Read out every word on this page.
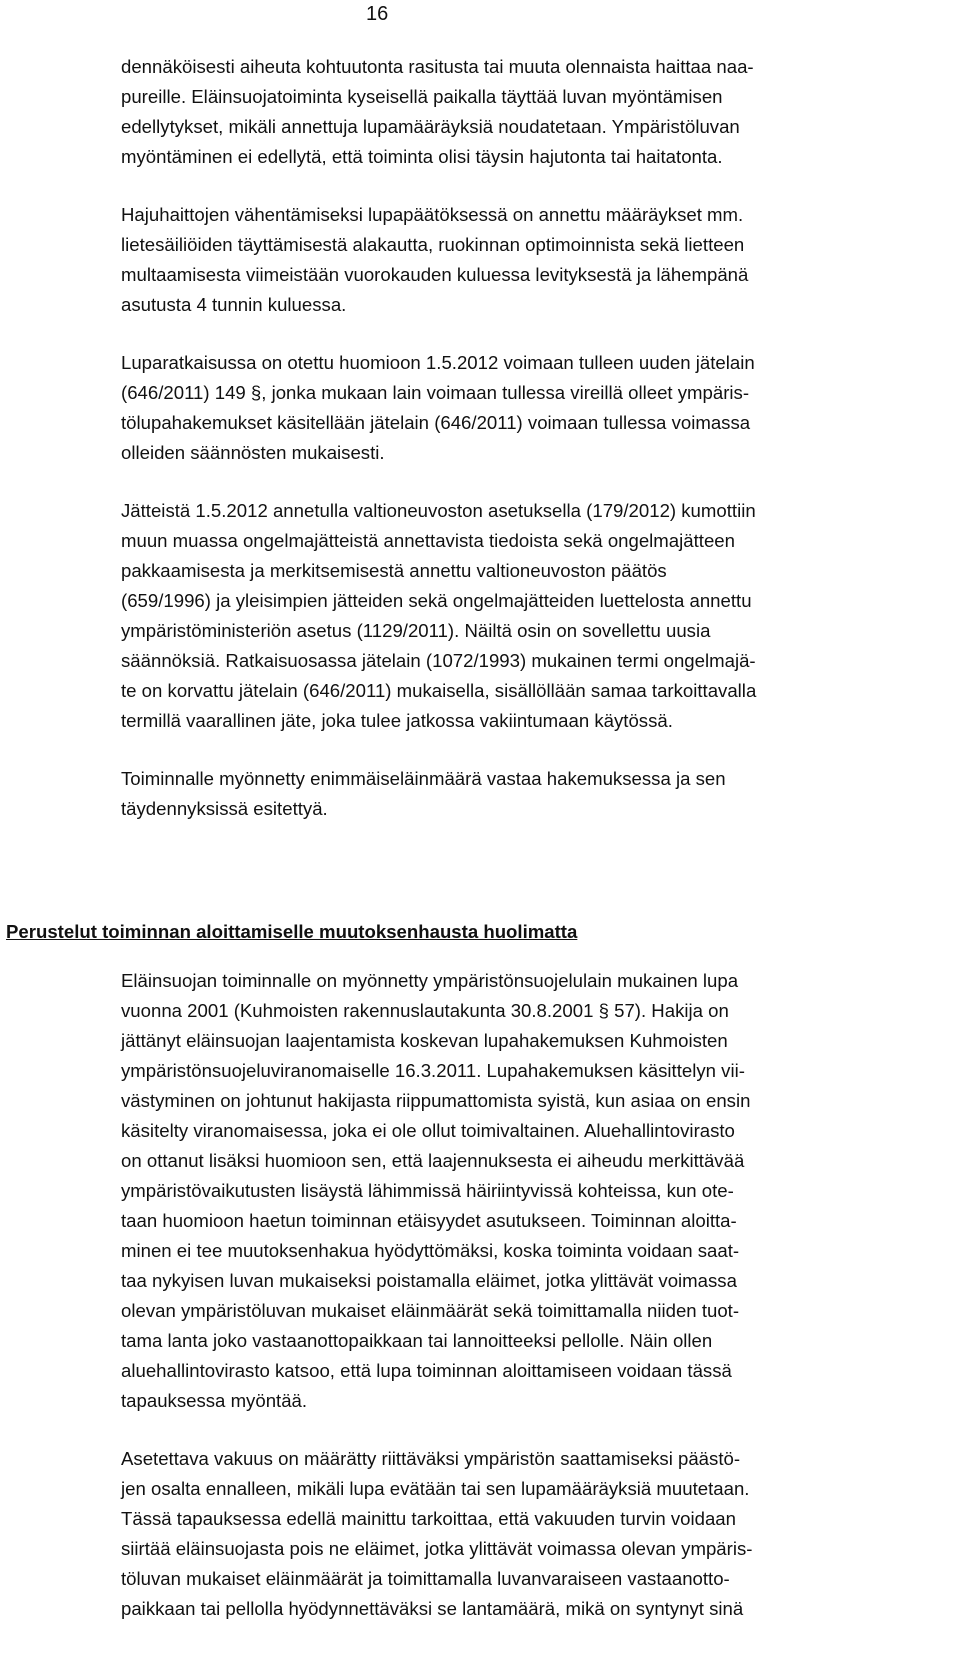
16
dennäköisesti aiheuta kohtuutonta rasitusta tai muuta olennaista haittaa naa-
pureille. Eläinsuojatoiminta kyseisellä paikalla täyttää luvan myöntämisen
edellytykset, mikäli annettuja lupamääräyksiä noudatetaan. Ympäristöluvan
myöntäminen ei edellytä, että toiminta olisi täysin hajutonta tai haitatonta.
Hajuhaittojen vähentämiseksi lupapäätöksessä on annettu määräykset mm.
lietesäiliöiden täyttämisestä alakautta, ruokinnan optimoinnista sekä lietteen
multaamisesta viimeistään vuorokauden kuluessa levityksestä ja lähempänä
asutusta 4 tunnin kuluessa.
Luparatkaisussa on otettu huomioon 1.5.2012 voimaan tulleen uuden jätelain
(646/2011) 149 §, jonka mukaan lain voimaan tullessa vireillä olleet ympäris-
tölupahakemukset käsitellään jätelain (646/2011) voimaan tullessa voimassa
olleiden säännösten mukaisesti.
Jätteistä 1.5.2012 annetulla valtioneuvoston asetuksella (179/2012) kumottiin
muun muassa ongelmajätteistä annettavista tiedoista sekä ongelmajätteen
pakkaamisesta ja merkitsemisestä annettu valtioneuvoston päätös
(659/1996) ja yleisimpien jätteiden sekä ongelmajätteiden luettelosta annettu
ympäristöministeriön asetus (1129/2011). Näiltä osin on sovellettu uusia
säännöksiä. Ratkaisuosassa jätelain (1072/1993) mukainen termi ongelmajä-
te on korvattu jätelain (646/2011) mukaisella, sisällöllään samaa tarkoittavalla
termillä vaarallinen jäte, joka tulee jatkossa vakiintumaan käytössä.
Toiminnalle myönnetty enimmäiseläinmäärä vastaa hakemuksessa ja sen
täydennyksissä esitettyä.
Perustelut toiminnan aloittamiselle muutoksenhausta huolimatta
Eläinsuojan toiminnalle on myönnetty ympäristönsuojelulain mukainen lupa
vuonna 2001 (Kuhmoisten rakennuslautakunta 30.8.2001 § 57). Hakija on
jättänyt eläinsuojan laajentamista koskevan lupahakemuksen Kuhmoisten
ympäristönsuojeluviranomaiselle 16.3.2011. Lupahakemuksen käsittelyn vii-
västyminen on johtunut hakijasta riippumattomista syistä, kun asiaa on ensin
käsitelty viranomaisessa, joka ei ole ollut toimivaltainen. Aluehallintovirasto
on ottanut lisäksi huomioon sen, että laajennuksesta ei aiheudu merkittävää
ympäristövaikutusten lisäystä lähimmissä häiriintyvissä kohteissa, kun ote-
taan huomioon haetun toiminnan etäisyydet asutukseen. Toiminnan aloitta-
minen ei tee muutoksenhakua hyödyttömäksi, koska toiminta voidaan saat-
taa nykyisen luvan mukaiseksi poistamalla eläimet, jotka ylittävät voimassa
olevan ympäristöluvan mukaiset eläinmäärät sekä toimittamalla niiden tuot-
tama lanta joko vastaanottopaikkaan tai lannoitteeksi pellolle. Näin ollen
aluehallintovirasto katsoo, että lupa toiminnan aloittamiseen voidaan tässä
tapauksessa myöntää.
Asetettava vakuus on määrätty riittäväksi ympäristön saattamiseksi päästö-
jen osalta ennalleen, mikäli lupa evätään tai sen lupamääräyksiä muutetaan.
Tässä tapauksessa edellä mainittu tarkoittaa, että vakuuden turvin voidaan
siirtää eläinsuojasta pois ne eläimet, jotka ylittävät voimassa olevan ympäris-
töluvan mukaiset eläinmäärät ja toimittamalla luvanvaraiseen vastaanotto-
paikkaan tai pellolla hyödynnettäväksi se lantamäärä, mikä on syntynyt sinä
